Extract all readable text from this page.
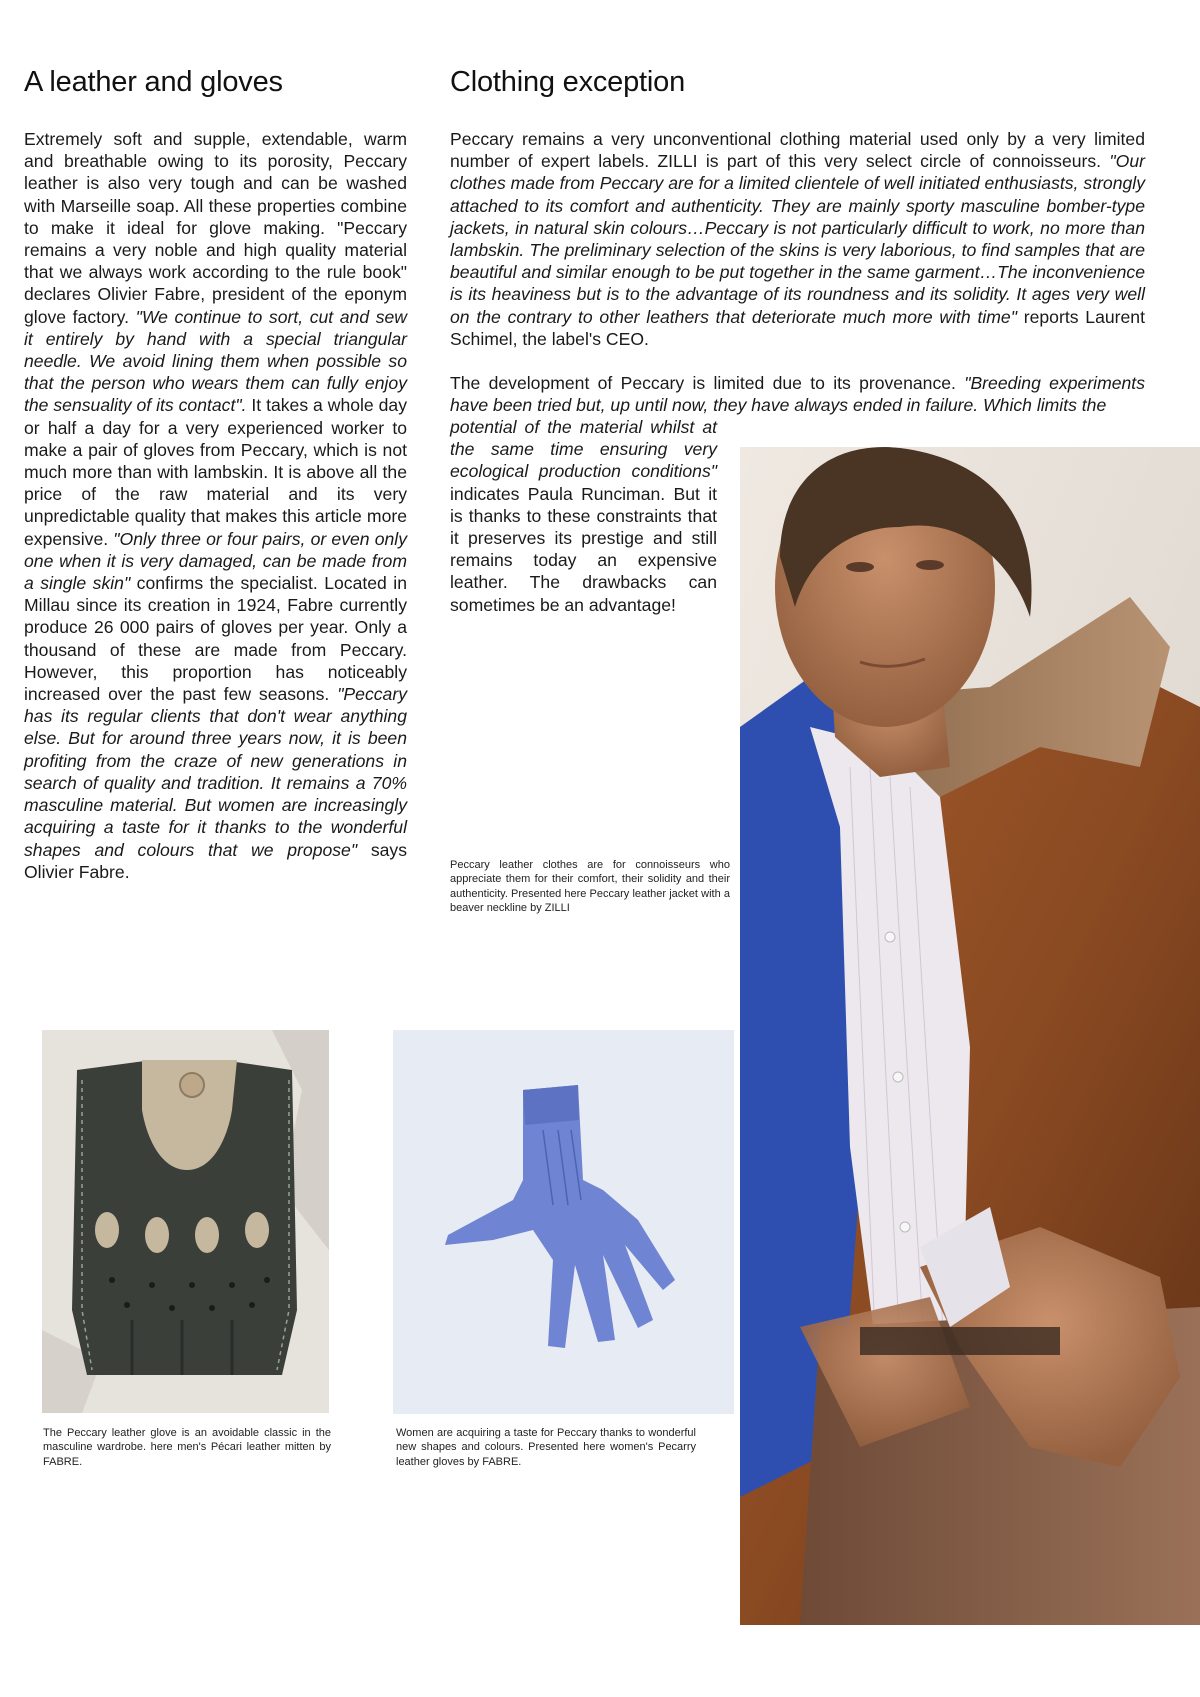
A leather and gloves
Extremely soft and supple, extendable, warm and breathable owing to its porosity, Peccary leather is also very tough and can be washed with Marseille soap. All these properties combine to make it ideal for glove making. "Peccary remains a very noble and high quality material that we always work according to the rule book" declares Olivier Fabre, president of the eponym glove factory. "We continue to sort, cut and sew it entirely by hand with a special triangular needle. We avoid lining them when possible so that the person who wears them can fully enjoy the sensuality of its contact". It takes a whole day or half a day for a very experienced worker to make a pair of gloves from Peccary, which is not much more than with lambskin. It is above all the price of the raw material and its very unpredictable quality that makes this article more expensive. "Only three or four pairs, or even only one when it is very damaged, can be made from a single skin" confirms the specialist. Located in Millau since its creation in 1924, Fabre currently produce 26 000 pairs of gloves per year. Only a thousand of these are made from Peccary. However, this proportion has noticeably increased over the past few seasons. "Peccary has its regular clients that don't wear anything else. But for around three years now, it is been profiting from the craze of new generations in search of quality and tradition. It remains a 70% masculine material. But women are increasingly acquiring a taste for it thanks to the wonderful shapes and colours that we propose" says Olivier Fabre.
Clothing exception
Peccary remains a very unconventional clothing material used only by a very limited number of expert labels. ZILLI is part of this very select circle of connoisseurs. "Our clothes made from Peccary are for a limited clientele of well initiated enthusiasts, strongly attached to its comfort and authenticity. They are mainly sporty masculine bomber-type jackets, in natural skin colours…Peccary is not particularly difficult to work, no more than lambskin. The preliminary selection of the skins is very laborious, to find samples that are beautiful and similar enough to be put together in the same garment…The inconvenience is its heaviness but is to the advantage of its roundness and its solidity. It ages very well on the contrary to other leathers that deteriorate much more with time" reports Laurent Schimel, the label's CEO.
The development of Peccary is limited due to its provenance. "Breeding experiments have been tried but, up until now, they have always ended in failure. Which limits the
potential of the material whilst at the same time ensuring very ecological production conditions" indicates Paula Runciman. But it is thanks to these constraints that it preserves its prestige and still remains today an expensive leather. The drawbacks can sometimes be an advantage!
Peccary leather clothes are for connoisseurs who appreciate them for their comfort, their solidity and their authenticity. Presented here Peccary leather jacket with a beaver neckline by ZILLI
The Peccary leather glove is an avoidable classic in the masculine wardrobe. here men's Pécari leather mitten by FABRE.
Women are acquiring a taste for Peccary thanks to wonderful new shapes and colours. Presented here women's Pecarry leather gloves by FABRE.
